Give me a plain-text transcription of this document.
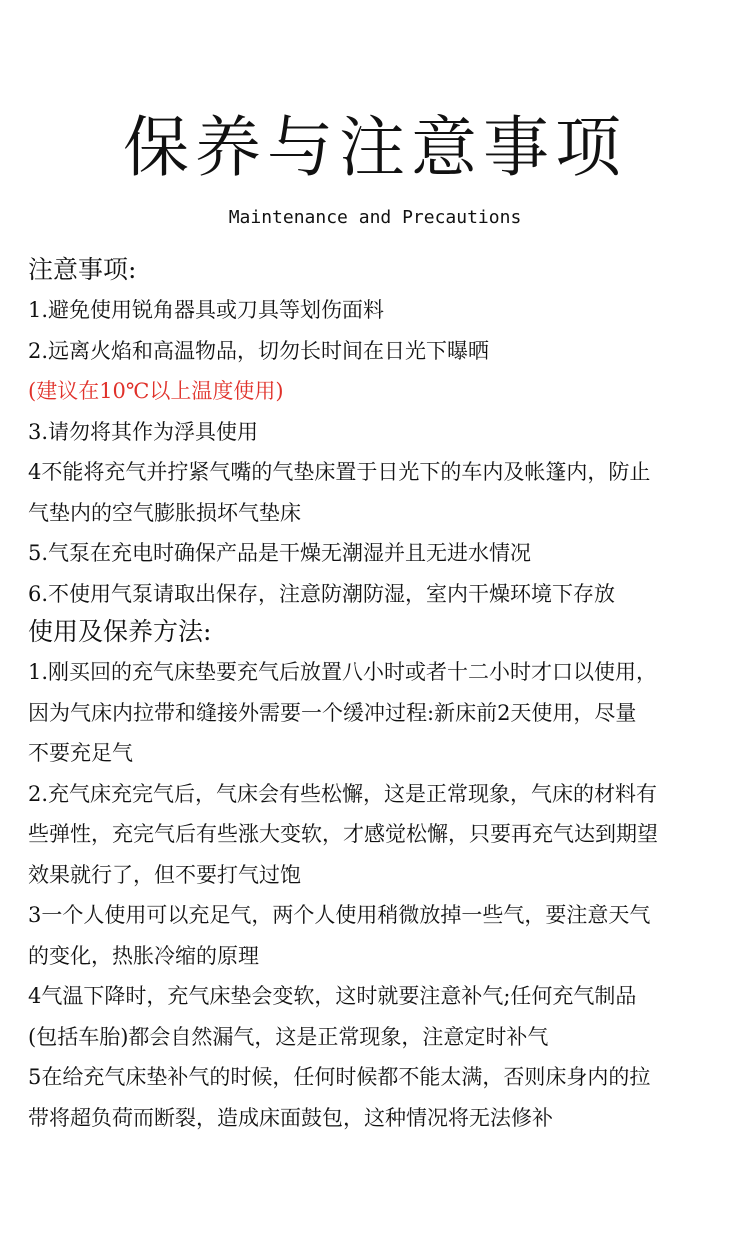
保养与注意事项
Maintenance and Precautions
注意事项:
1.避免使用锐角器具或刀具等划伤面料
2.远离火焰和高温物品，切勿长时间在日光下曝晒
(建议在10℃以上温度使用)
3.请勿将其作为浮具使用
4不能将充气并拧紧气嘴的气垫床置于日光下的车内及帐篷内，防止
气垫内的空气膨胀损坏气垫床
5.气泵在充电时确保产品是干燥无潮湿并且无进水情况
6.不使用气泵请取出保存，注意防潮防湿，室内干燥环境下存放
使用及保养方法:
1.刚买回的充气床垫要充气后放置八小时或者十二小时才口以使用，
因为气床内拉带和缝接外需要一个缓冲过程:新床前2天使用，尽量
不要充足气
2.充气床充完气后，气床会有些松懈，这是正常现象，气床的材料有
些弹性，充完气后有些涨大变软，才感觉松懈，只要再充气达到期望
效果就行了，但不要打气过饱
3一个人使用可以充足气，两个人使用稍微放掉一些气，要注意天气
的变化，热胀冷缩的原理
4气温下降时，充气床垫会变软，这时就要注意补气;任何充气制品
(包括车胎)都会自然漏气，这是正常现象，注意定时补气
5在给充气床垫补气的时候，任何时候都不能太满，否则床身内的拉
带将超负荷而断裂，造成床面鼓包，这种情况将无法修补
